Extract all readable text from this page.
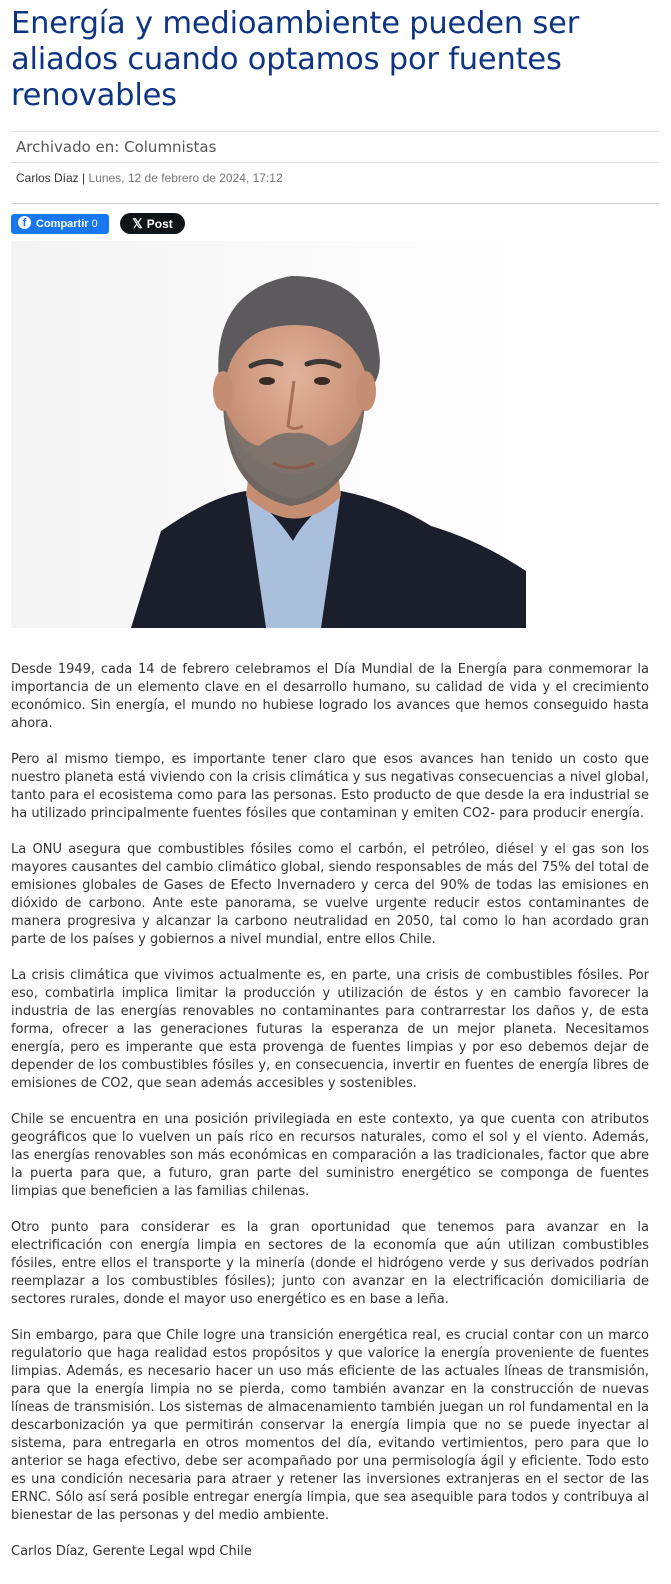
Energía y medioambiente pueden ser aliados cuando optamos por fuentes renovables
Archivado en: Columnistas
Carlos Díaz | Lunes, 12 de febrero de 2024, 17:12
f Compartir 0	𝕏 Post

Desde 1949, cada 14 de febrero celebramos el Día Mundial de la Energía para conmemorar la importancia de un elemento clave en el desarrollo humano, su calidad de vida y el crecimiento económico. Sin energía, el mundo no hubiese logrado los avances que hemos conseguido hasta ahora.

Pero al mismo tiempo, es importante tener claro que esos avances han tenido un costo que nuestro planeta está viviendo con la crisis climática y sus negativas consecuencias a nivel global, tanto para el ecosistema como para las personas. Esto producto de que desde la era industrial se ha utilizado principalmente fuentes fósiles que contaminan y emiten CO2- para producir energía.

La ONU asegura que combustibles fósiles como el carbón, el petróleo, diésel y el gas son los mayores causantes del cambio climático global, siendo responsables de más del 75% del total de emisiones globales de Gases de Efecto Invernadero y cerca del 90% de todas las emisiones en dióxido de carbono. Ante este panorama, se vuelve urgente reducir estos contaminantes de manera progresiva y alcanzar la carbono neutralidad en 2050, tal como lo han acordado gran parte de los países y gobiernos a nivel mundial, entre ellos Chile.

La crisis climática que vivimos actualmente es, en parte, una crisis de combustibles fósiles. Por eso, combatirla implica limitar la producción y utilización de éstos y en cambio favorecer la industria de las energías renovables no contaminantes para contrarrestar los daños y, de esta forma, ofrecer a las generaciones futuras la esperanza de un mejor planeta. Necesitamos energía, pero es imperante que esta provenga de fuentes limpias y por eso debemos dejar de depender de los combustibles fósiles y, en consecuencia, invertir en fuentes de energía libres de emisiones de CO2, que sean además accesibles y sostenibles.

Chile se encuentra en una posición privilegiada en este contexto, ya que cuenta con atributos geográficos que lo vuelven un país rico en recursos naturales, como el sol y el viento. Además, las energías renovables son más económicas en comparación a las tradicionales, factor que abre la puerta para que, a futuro, gran parte del suministro energético se componga de fuentes limpias que beneficien a las familias chilenas.

Otro punto para considerar es la gran oportunidad que tenemos para avanzar en la electrificación con energía limpia en sectores de la economía que aún utilizan combustibles fósiles, entre ellos el transporte y la minería (donde el hidrógeno verde y sus derivados podrían reemplazar a los combustibles fósiles); junto con avanzar en la electrificación domiciliaria de sectores rurales, donde el mayor uso energético es en base a leña.

Sin embargo, para que Chile logre una transición energética real, es crucial contar con un marco regulatorio que haga realidad estos propósitos y que valorice la energía proveniente de fuentes limpias. Además, es necesario hacer un uso más eficiente de las actuales líneas de transmisión, para que la energía limpia no se pierda, como también avanzar en la construcción de nuevas líneas de transmisión. Los sistemas de almacenamiento también juegan un rol fundamental en la descarbonización ya que permitirán conservar la energía limpia que no se puede inyectar al sistema, para entregarla en otros momentos del día, evitando vertimientos, pero para que lo anterior se haga efectivo, debe ser acompañado por una permisología ágil y eficiente. Todo esto es una condición necesaria para atraer y retener las inversiones extranjeras en el sector de las ERNC. Sólo así será posible entregar energía limpia, que sea asequible para todos y contribuya al bienestar de las personas y del medio ambiente.

Carlos Díaz, Gerente Legal wpd Chile
